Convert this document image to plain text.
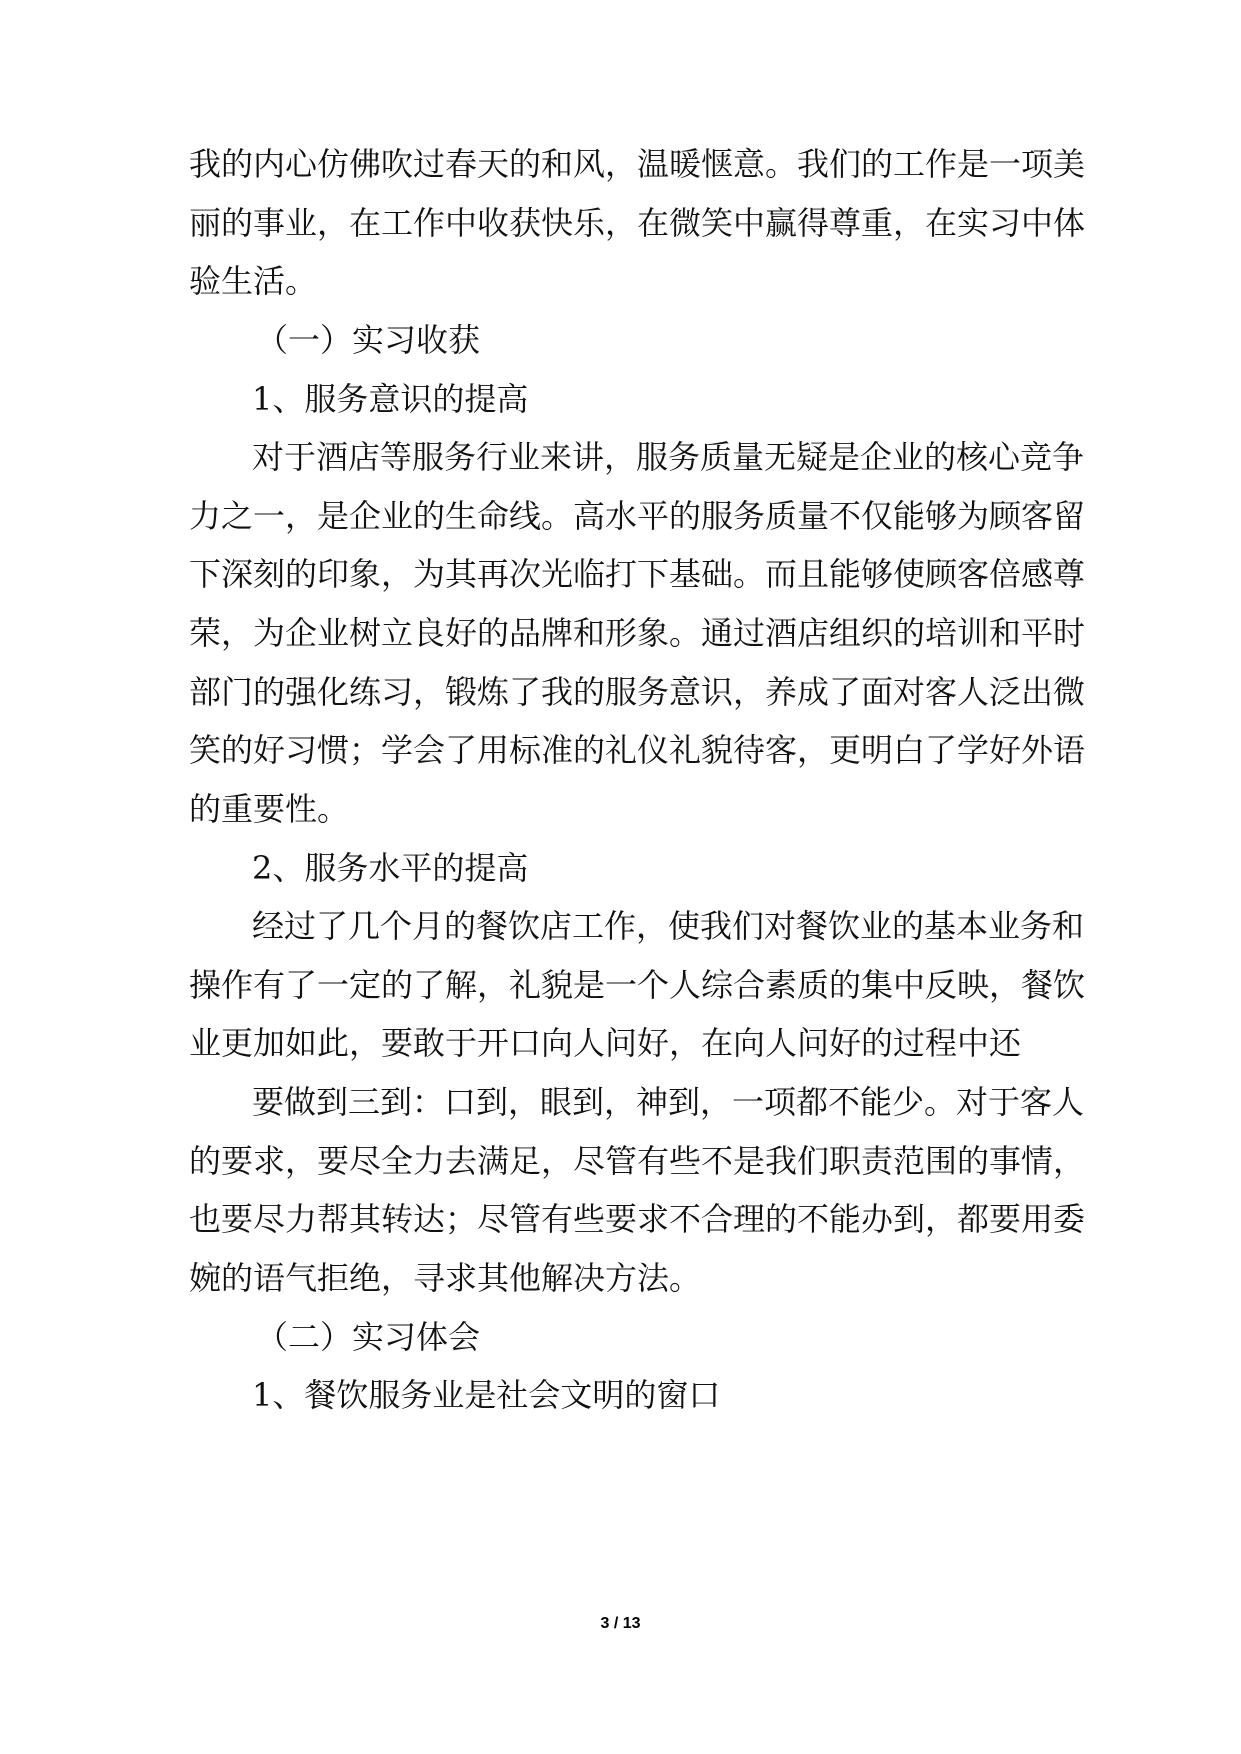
我的内心仿佛吹过春天的和风，温暖惬意。我们的工作是一项美
丽的事业，在工作中收获快乐，在微笑中赢得尊重，在实习中体
验生活。
（一）实习收获
1、服务意识的提高
对于酒店等服务行业来讲，服务质量无疑是企业的核心竞争
力之一，是企业的生命线。高水平的服务质量不仅能够为顾客留
下深刻的印象，为其再次光临打下基础。而且能够使顾客倍感尊
荣，为企业树立良好的品牌和形象。通过酒店组织的培训和平时
部门的强化练习，锻炼了我的服务意识，养成了面对客人泛出微
笑的好习惯；学会了用标准的礼仪礼貌待客，更明白了学好外语
的重要性。
2、服务水平的提高
经过了几个月的餐饮店工作，使我们对餐饮业的基本业务和
操作有了一定的了解，礼貌是一个人综合素质的集中反映，餐饮
业更加如此，要敢于开口向人问好，在向人问好的过程中还
要做到三到：口到，眼到，神到，一项都不能少。对于客人
的要求，要尽全力去满足，尽管有些不是我们职责范围的事情，
也要尽力帮其转达；尽管有些要求不合理的不能办到，都要用委
婉的语气拒绝，寻求其他解决方法。
（二）实习体会
1、餐饮服务业是社会文明的窗口
3 / 13
